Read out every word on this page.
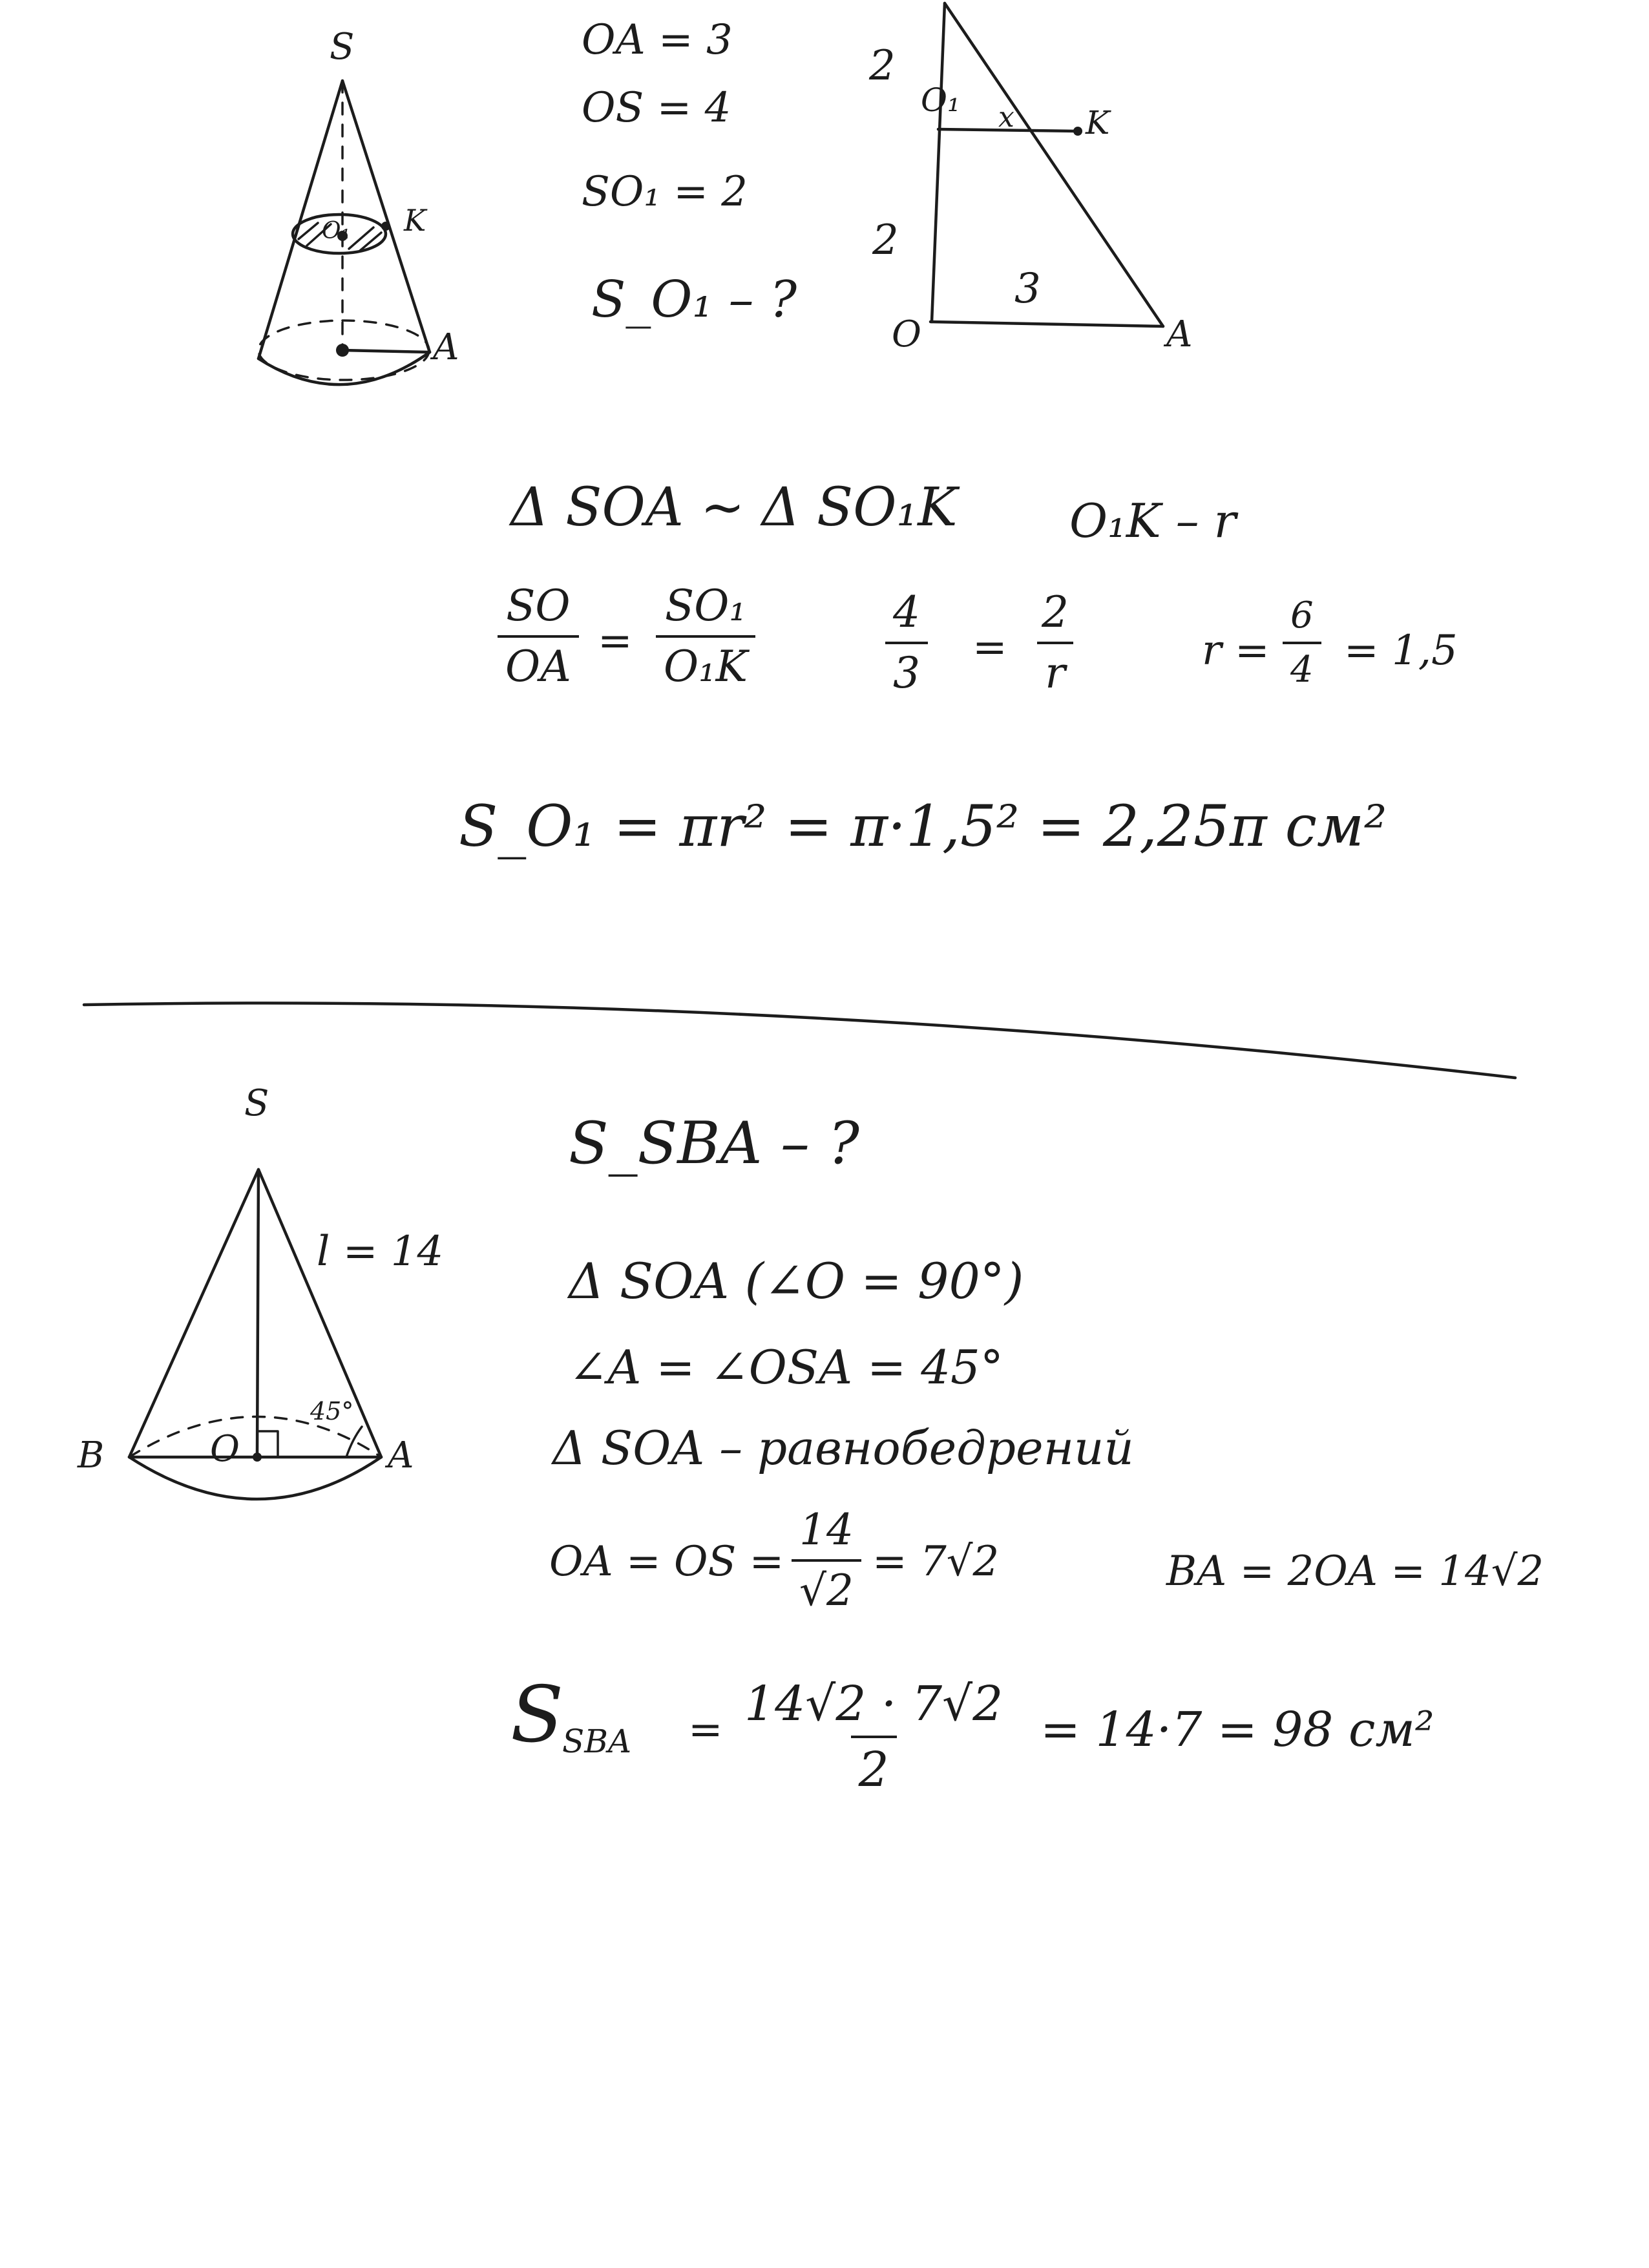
S
O₁ K
A
OA = 3
OS = 4
SO₁ = 2
S_O₁ – ?
2
O₁ x K
2
3
O	A
Δ SOA ~ Δ SO₁K O₁K – r
$\frac{SO}{OA} = \frac{\text{SO₁}}{\text{O₁K}}$	$\frac{4}{3} = \frac{2}{r}$	$r = \frac{6}{4} = 1,5$
S_O₁ = πr² = π·1,5² = 2,25π см²
S
B	O	A
l = 14
45°
S_SBA – ?
Δ SOA (∠O = 90°)
∠A = ∠OSA = 45°
Δ SOA – равнобедрений
OA = OS = $\frac{14}{√2} = 7√2$	BA = 2OA = 14√2
S
SBA = $\frac{14√2 \cdot 7√2}{2} = 14\cdot 7 = 98$ см²
